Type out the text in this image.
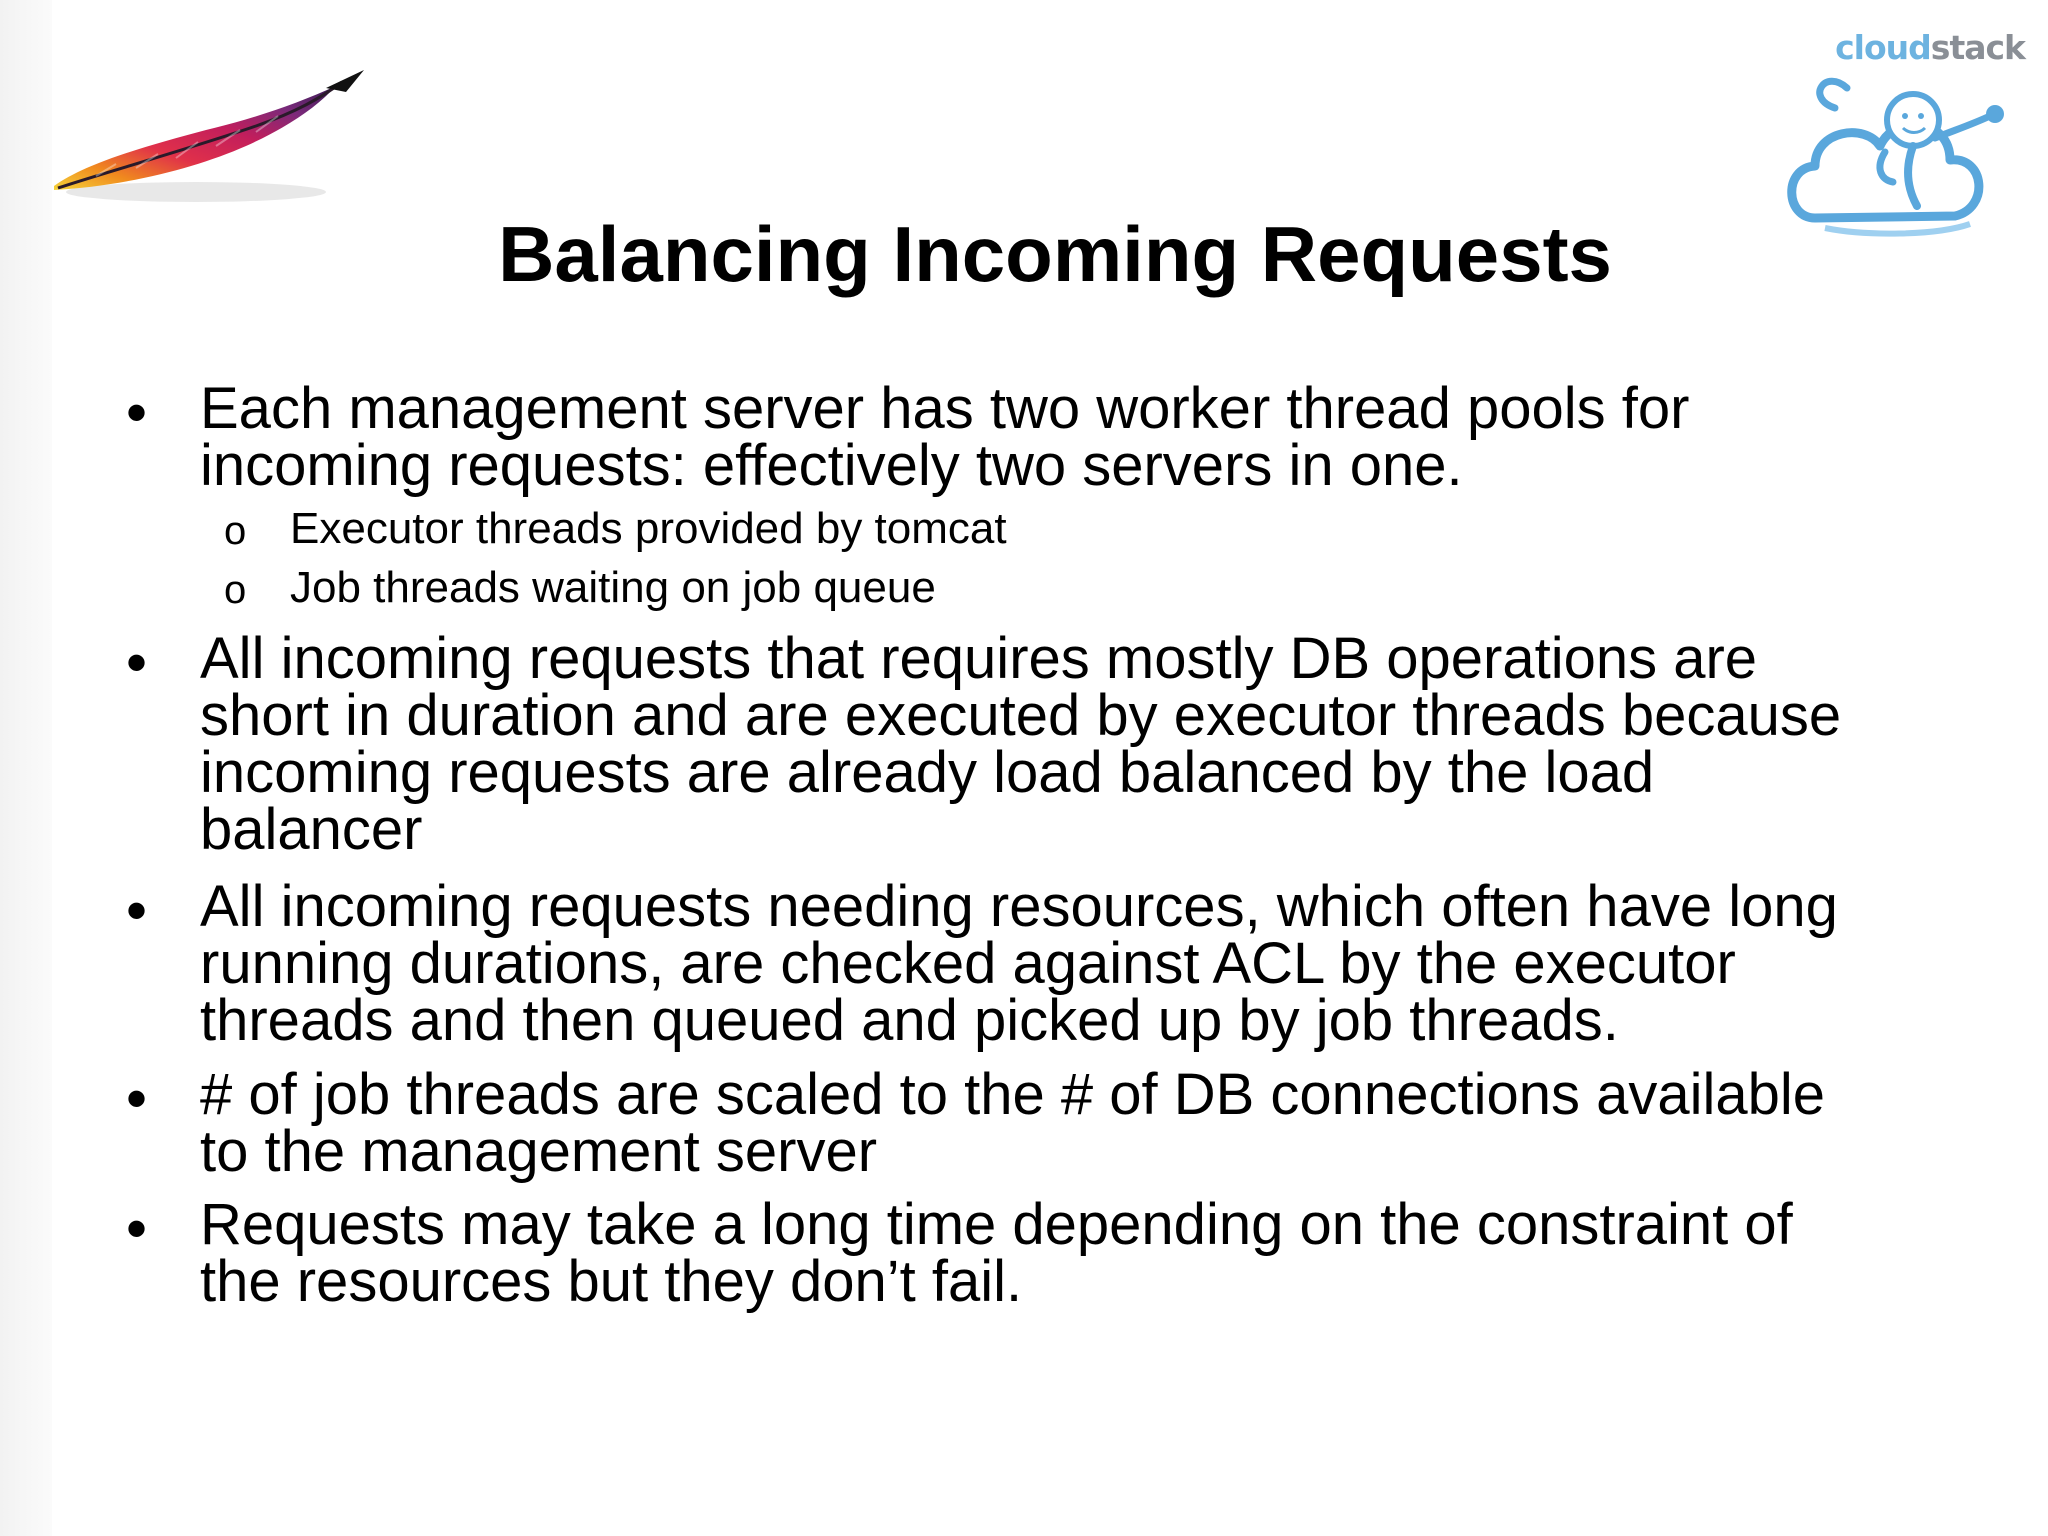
cloudstack
Balancing Incoming Requests
• Each management server has two worker thread pools for
incoming requests: effectively two servers in one.
o Executor threads provided by tomcat
o Job threads waiting on job queue
• All incoming requests that requires mostly DB operations are
short in duration and are executed by executor threads because
incoming requests are already load balanced by the load
balancer
• All incoming requests needing resources, which often have long
running durations, are checked against ACL by the executor
threads and then queued and picked up by job threads.
• # of job threads are scaled to the # of DB connections available
to the management server
• Requests may take a long time depending on the constraint of
the resources but they don’t fail.
